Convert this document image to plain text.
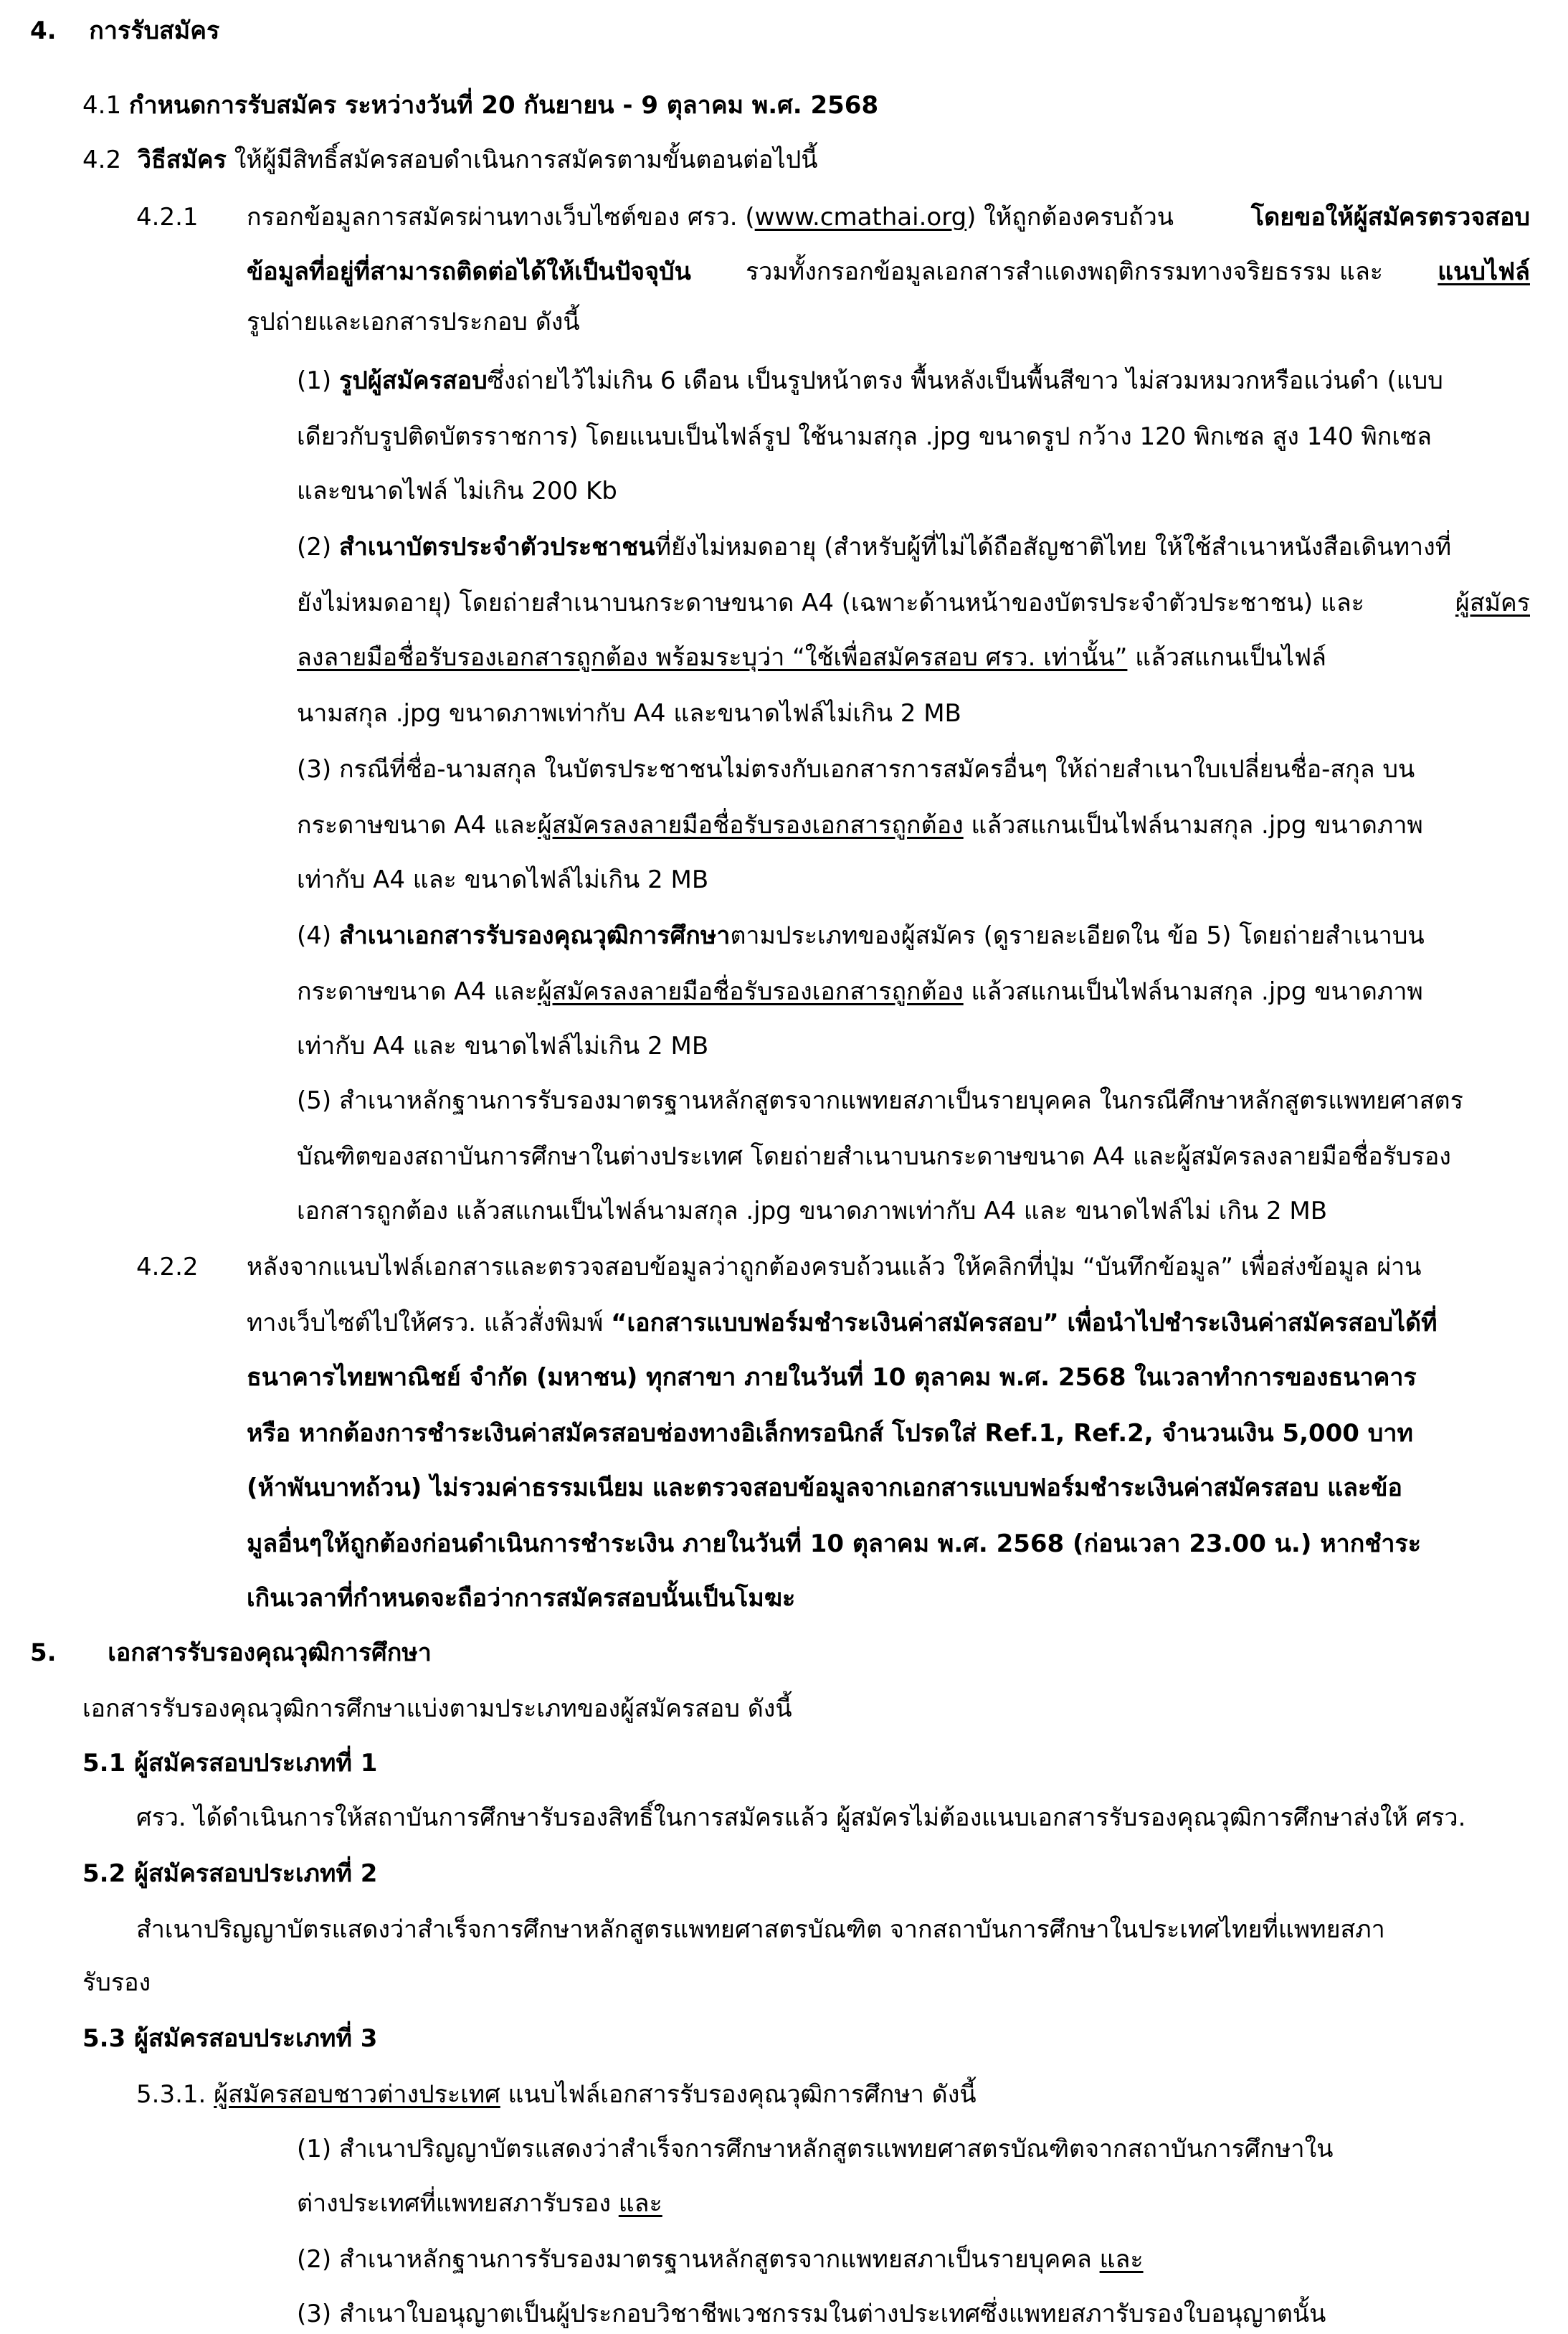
4. การรับสมัคร
4.1 กำหนดการรับสมัคร ระหว่างวันที่ 20 กันยายน - 9 ตุลาคม พ.ศ. 2568
4.2 วิธีสมัคร ให้ผู้มีสิทธิ์สมัครสอบดำเนินการสมัครตามขั้นตอนต่อไปนี้
4.2.1 กรอกข้อมูลการสมัครผ่านทางเว็บไซต์ของ ศรว. (www.cmathai.org) ให้ถูกต้องครบถ้วน	โดยขอให้ผู้สมัครตรวจสอบ
ข้อมูลที่อยู่ที่สามารถติดต่อได้ให้เป็นปัจจุบัน รวมทั้งกรอกข้อมูลเอกสารสำแดงพฤติกรรมทางจริยธรรม และ แนบไฟล์
รูปถ่ายและเอกสารประกอบ ดังนี้
(1) รูปผู้สมัครสอบซึ่งถ่ายไว้ไม่เกิน 6 เดือน เป็นรูปหน้าตรง พื้นหลังเป็นพื้นสีขาว ไม่สวมหมวกหรือแว่นดำ (แบบ
เดียวกับรูปติดบัตรราชการ) โดยแนบเป็นไฟล์รูป ใช้นามสกุล .jpg ขนาดรูป กว้าง 120 พิกเซล สูง 140 พิกเซล
และขนาดไฟล์ ไม่เกิน 200 Kb
(2) สำเนาบัตรประจำตัวประชาชนที่ยังไม่หมดอายุ (สำหรับผู้ที่ไม่ได้ถือสัญชาติไทย ให้ใช้สำเนาหนังสือเดินทางที่
ยังไม่หมดอายุ) โดยถ่ายสำเนาบนกระดาษขนาด A4 (เฉพาะด้านหน้าของบัตรประจำตัวประชาชน) และ	ผู้สมัคร
ลงลายมือชื่อรับรองเอกสารถูกต้อง พร้อมระบุว่า “ใช้เพื่อสมัครสอบ ศรว. เท่านั้น” แล้วสแกนเป็นไฟล์
นามสกุล .jpg ขนาดภาพเท่ากับ A4 และขนาดไฟล์ไม่เกิน 2 MB
(3) กรณีที่ชื่อ-นามสกุล ในบัตรประชาชนไม่ตรงกับเอกสารการสมัครอื่นๆ ให้ถ่ายสำเนาใบเปลี่ยนชื่อ-สกุล บน
กระดาษขนาด A4 และผู้สมัครลงลายมือชื่อรับรองเอกสารถูกต้อง แล้วสแกนเป็นไฟล์นามสกุล .jpg ขนาดภาพ
เท่ากับ A4 และ ขนาดไฟล์ไม่เกิน 2 MB
(4) สำเนาเอกสารรับรองคุณวุฒิการศึกษาตามประเภทของผู้สมัคร (ดูรายละเอียดใน ข้อ 5) โดยถ่ายสำเนาบน
กระดาษขนาด A4 และผู้สมัครลงลายมือชื่อรับรองเอกสารถูกต้อง แล้วสแกนเป็นไฟล์นามสกุล .jpg ขนาดภาพ
เท่ากับ A4 และ ขนาดไฟล์ไม่เกิน 2 MB
(5) สำเนาหลักฐานการรับรองมาตรฐานหลักสูตรจากแพทยสภาเป็นรายบุคคล ในกรณีศึกษาหลักสูตรแพทยศาสตร
บัณฑิตของสถาบันการศึกษาในต่างประเทศ โดยถ่ายสำเนาบนกระดาษขนาด A4 และผู้สมัครลงลายมือชื่อรับรอง
เอกสารถูกต้อง แล้วสแกนเป็นไฟล์นามสกุล .jpg ขนาดภาพเท่ากับ A4 และ ขนาดไฟล์ไม่ เกิน 2 MB
4.2.2 หลังจากแนบไฟล์เอกสารและตรวจสอบข้อมูลว่าถูกต้องครบถ้วนแล้ว ให้คลิกที่ปุ่ม “บันทึกข้อมูล” เพื่อส่งข้อมูล ผ่าน
ทางเว็บไซต์ไปให้ศรว. แล้วสั่งพิมพ์ “เอกสารแบบฟอร์มชำระเงินค่าสมัครสอบ” เพื่อนำไปชำระเงินค่าสมัครสอบได้ที่
ธนาคารไทยพาณิชย์ จำกัด (มหาชน) ทุกสาขา ภายในวันที่ 10 ตุลาคม พ.ศ. 2568 ในเวลาทำการของธนาคาร
หรือ หากต้องการชำระเงินค่าสมัครสอบช่องทางอิเล็กทรอนิกส์ โปรดใส่ Ref.1, Ref.2, จำนวนเงิน 5,000 บาท
(ห้าพันบาทถ้วน) ไม่รวมค่าธรรมเนียม และตรวจสอบข้อมูลจากเอกสารแบบฟอร์มชำระเงินค่าสมัครสอบ และข้อ
มูลอื่นๆให้ถูกต้องก่อนดำเนินการชำระเงิน ภายในวันที่ 10 ตุลาคม พ.ศ. 2568 (ก่อนเวลา 23.00 น.) หากชำระ
เกินเวลาที่กำหนดจะถือว่าการสมัครสอบนั้นเป็นโมฆะ
5. เอกสารรับรองคุณวุฒิการศึกษา
เอกสารรับรองคุณวุฒิการศึกษาแบ่งตามประเภทของผู้สมัครสอบ ดังนี้
5.1 ผู้สมัครสอบประเภทที่ 1
ศรว. ได้ดำเนินการให้สถาบันการศึกษารับรองสิทธิ์ในการสมัครแล้ว ผู้สมัครไม่ต้องแนบเอกสารรับรองคุณวุฒิการศึกษาส่งให้ ศรว.
5.2 ผู้สมัครสอบประเภทที่ 2
สำเนาปริญญาบัตรแสดงว่าสำเร็จการศึกษาหลักสูตรแพทยศาสตรบัณฑิต จากสถาบันการศึกษาในประเทศไทยที่แพทยสภา
รับรอง
5.3 ผู้สมัครสอบประเภทที่ 3
5.3.1. ผู้สมัครสอบชาวต่างประเทศ แนบไฟล์เอกสารรับรองคุณวุฒิการศึกษา ดังนี้
(1) สำเนาปริญญาบัตรแสดงว่าสำเร็จการศึกษาหลักสูตรแพทยศาสตรบัณฑิตจากสถาบันการศึกษาใน
ต่างประเทศที่แพทยสภารับรอง และ
(2) สำเนาหลักฐานการรับรองมาตรฐานหลักสูตรจากแพทยสภาเป็นรายบุคคล และ
(3) สำเนาใบอนุญาตเป็นผู้ประกอบวิชาชีพเวชกรรมในต่างประเทศซึ่งแพทยสภารับรองใบอนุญาตนั้น
